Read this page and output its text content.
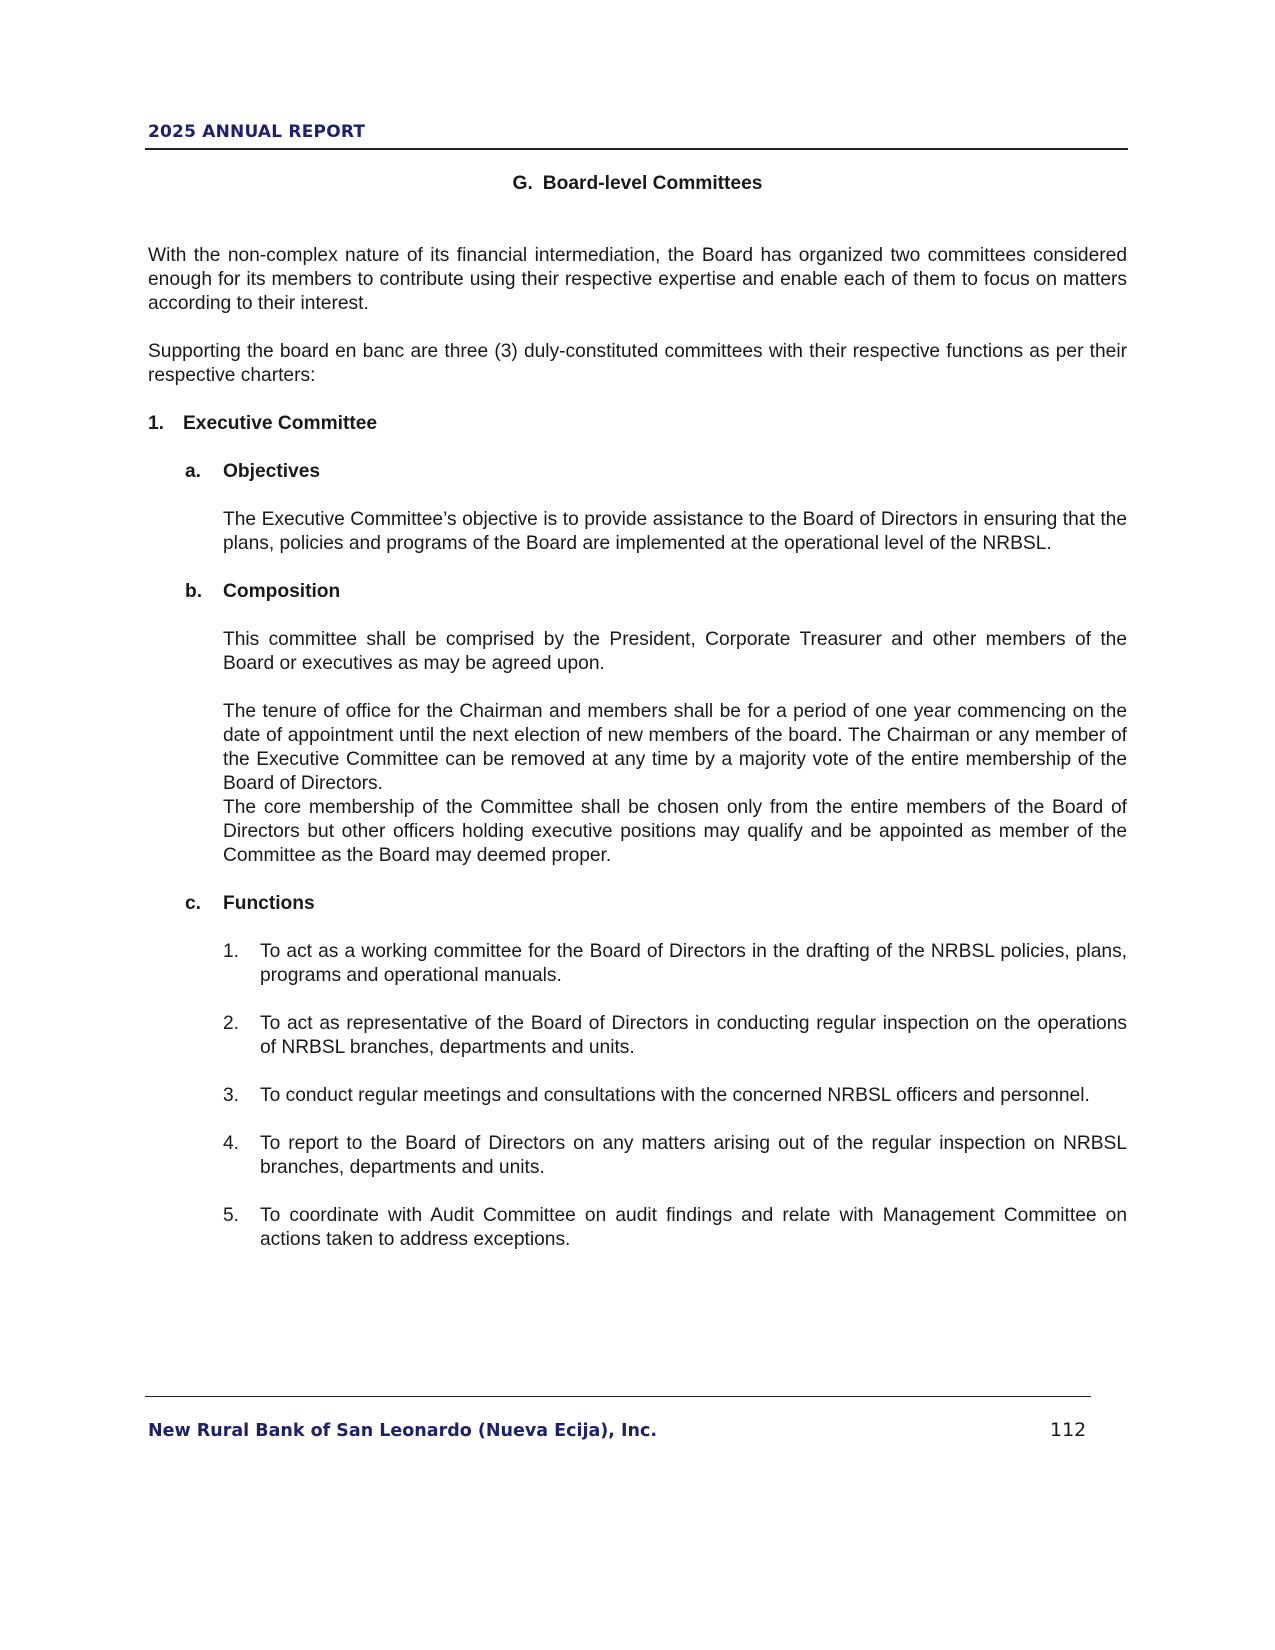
2025 ANNUAL REPORT

G. Board-level Committees

With the non-complex nature of its financial intermediation, the Board has organized two committees considered enough for its members to contribute using their respective expertise and enable each of them to focus on matters according to their interest.

Supporting the board en banc are three (3) duly-constituted committees with their respective functions as per their respective charters:

1. Executive Committee
a.	Objectives

The Executive Committee’s objective is to provide assistance to the Board of Directors in ensuring that the plans, policies and programs of the Board are implemented at the operational level of the NRBSL.

b.	Composition

This committee shall be comprised by the President, Corporate Treasurer and other members of the Board or executives as may be agreed upon.

The tenure of office for the Chairman and members shall be for a period of one year commencing on the date of appointment until the next election of new members of the board. The Chairman or any member of the Executive Committee can be removed at any time by a majority vote of the entire membership of the Board of Directors.

The core membership of the Committee shall be chosen only from the entire members of the Board of Directors but other officers holding executive positions may qualify and be appointed as member of the Committee as the Board may deemed proper.

c.	Functions
1.	To act as a working committee for the Board of Directors in the drafting of the NRBSL policies, plans, programs and operational manuals.
2.	To act as representative of the Board of Directors in conducting regular inspection on the operations of NRBSL branches, departments and units.
3.	To conduct regular meetings and consultations with the concerned NRBSL officers and personnel.
4.	To report to the Board of Directors on any matters arising out of the regular inspection on NRBSL branches, departments and units.
5.	To coordinate with Audit Committee on audit findings and relate with Management Committee on actions taken to address exceptions.
New Rural Bank of San Leonardo (Nueva Ecija), Inc.	112
